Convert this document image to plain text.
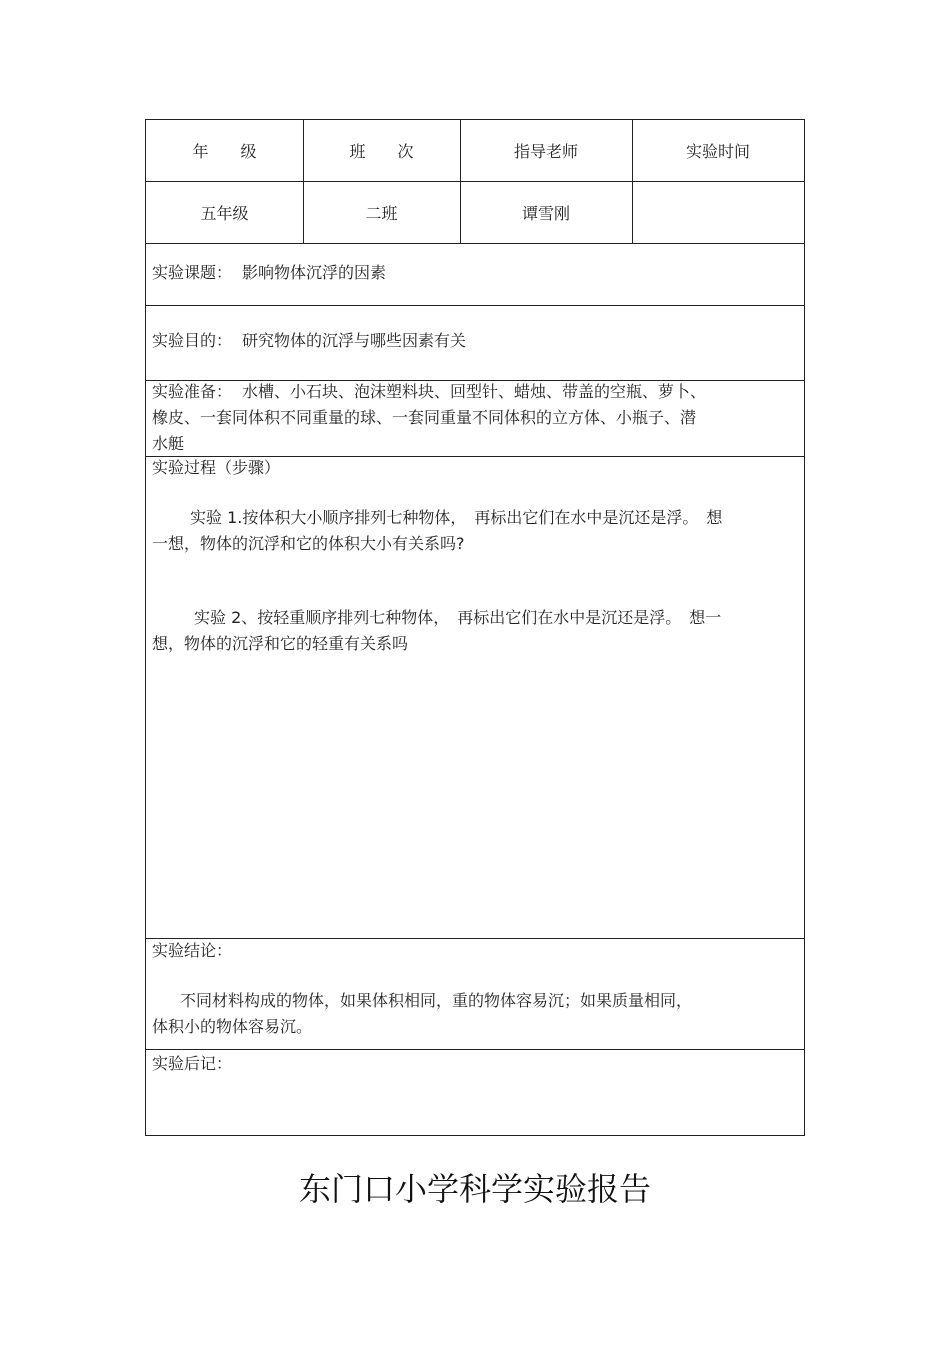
年　　级	班　　次	指导老师	实验时间
五年级	二班	谭雪刚
实验课题： 影响物体沉浮的因素
实验目的： 研究物体的沉浮与哪些因素有关
实验准备： 水槽、小石块、泡沫塑料块、回型针、蜡烛、带盖的空瓶、萝卜、
橡皮、一套同体积不同重量的球、一套同重量不同体积的立方体、小瓶子、潜
水艇
实验过程（步骤）
实验 1.按体积大小顺序排列七种物体，　再标出它们在水中是沉还是浮。　想
一想，物体的沉浮和它的体积大小有关系吗?
实验 2、按轻重顺序排列七种物体，　再标出它们在水中是沉还是浮。　想一
想，物体的沉浮和它的轻重有关系吗
实验结论：
不同材料构成的物体，如果体积相同，重的物体容易沉；如果质量相同，
体积小的物体容易沉。
实验后记：
东门口小学科学实验报告
